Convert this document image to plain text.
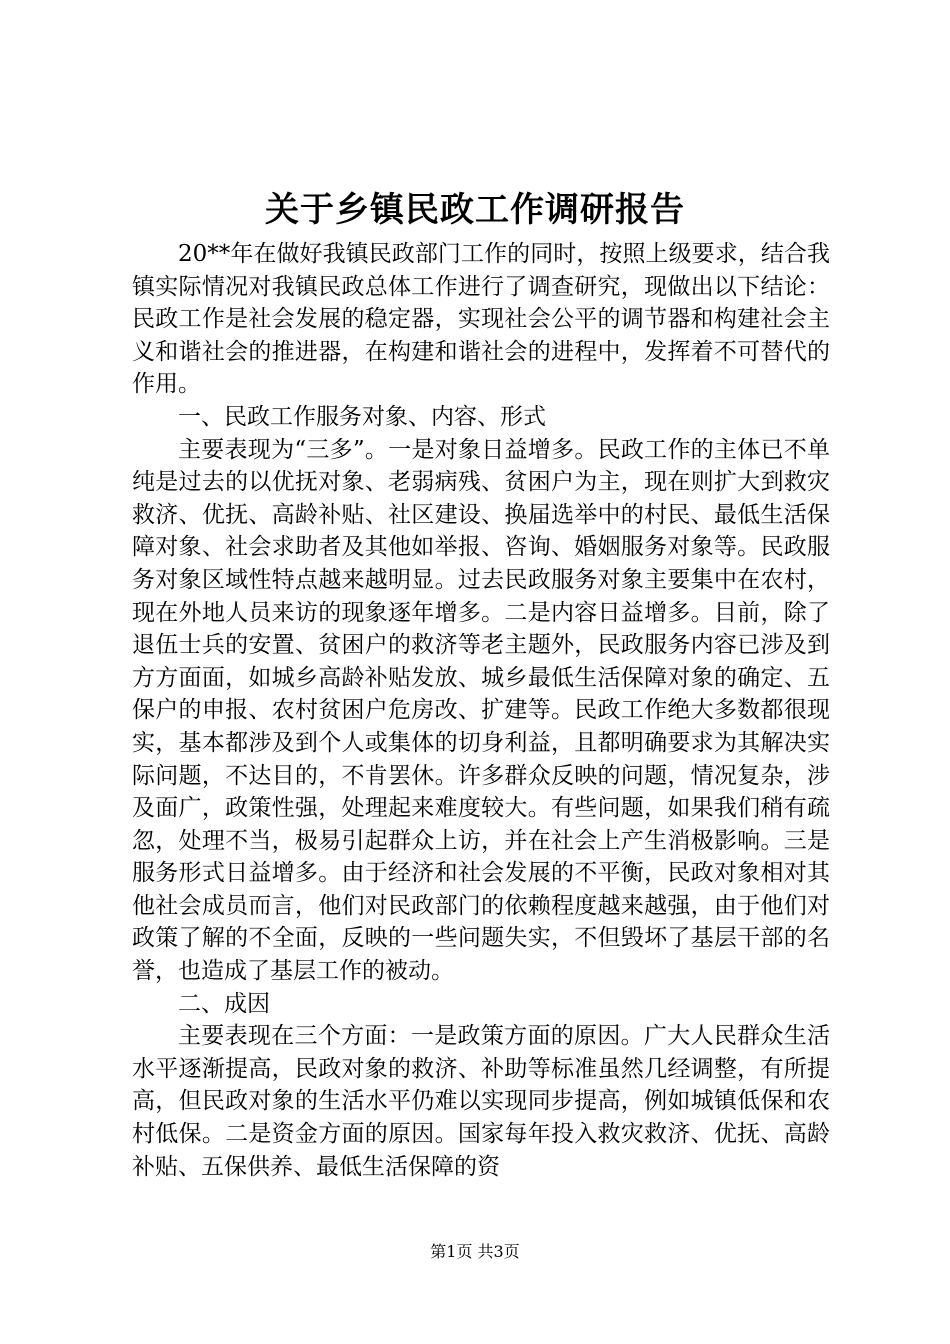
关于乡镇民政工作调研报告

20**年在做好我镇民政部门工作的同时，按照上级要求，结合我镇实际情况对我镇民政总体工作进行了调查研究，现做出以下结论：民政工作是社会发展的稳定器，实现社会公平的调节器和构建社会主义和谐社会的推进器，在构建和谐社会的进程中，发挥着不可替代的作用。

一、民政工作服务对象、内容、形式

主要表现为“三多”。一是对象日益增多。民政工作的主体已不单纯是过去的以优抚对象、老弱病残、贫困户为主，现在则扩大到救灾救济、优抚、高龄补贴、社区建设、换届选举中的村民、最低生活保障对象、社会求助者及其他如举报、咨询、婚姻服务对象等。民政服务对象区域性特点越来越明显。过去民政服务对象主要集中在农村，现在外地人员来访的现象逐年增多。二是内容日益增多。目前，除了退伍士兵的安置、贫困户的救济等老主题外，民政服务内容已涉及到方方面面，如城乡高龄补贴发放、城乡最低生活保障对象的确定、五保户的申报、农村贫困户危房改、扩建等。民政工作绝大多数都很现实，基本都涉及到个人或集体的切身利益，且都明确要求为其解决实际问题，不达目的，不肯罢休。许多群众反映的问题，情况复杂，涉及面广，政策性强，处理起来难度较大。有些问题，如果我们稍有疏忽，处理不当，极易引起群众上访，并在社会上产生消极影响。三是服务形式日益增多。由于经济和社会发展的不平衡，民政对象相对其他社会成员而言，他们对民政部门的依赖程度越来越强，由于他们对政策了解的不全面，反映的一些问题失实，不但毁坏了基层干部的名誉，也造成了基层工作的被动。

二、成因

主要表现在三个方面：一是政策方面的原因。广大人民群众生活水平逐渐提高，民政对象的救济、补助等标准虽然几经调整，有所提高，但民政对象的生活水平仍难以实现同步提高，例如城镇低保和农村低保。二是资金方面的原因。国家每年投入救灾救济、优抚、高龄补贴、五保供养、最低生活保障的资

第1页 共3页
